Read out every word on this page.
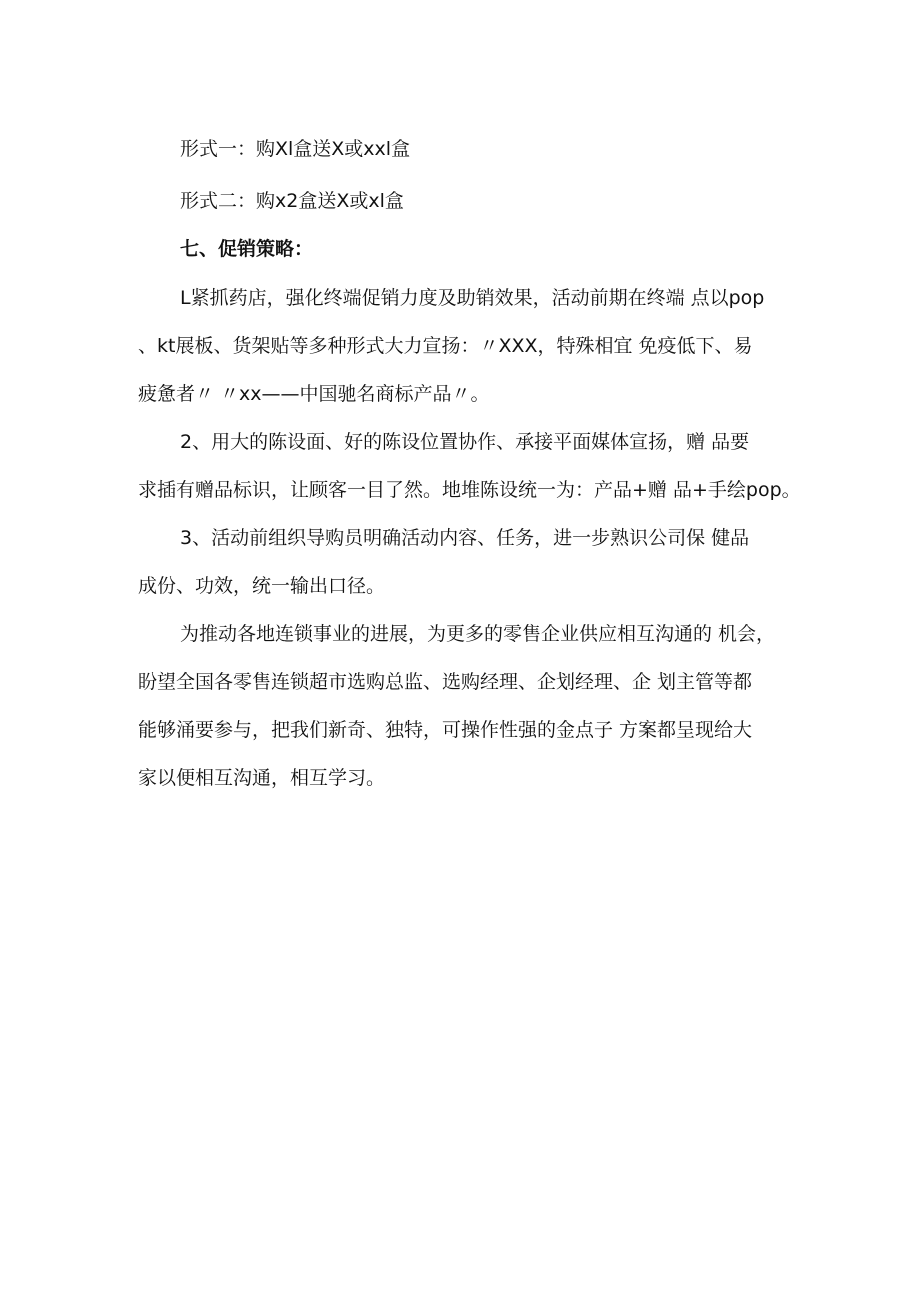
形式一：购Xl盒送X或xxl盒

形式二：购x2盒送X或xl盒

七、促销策略：

L紧抓药店，强化终端促销力度及助销效果，活动前期在终端 点以pop

、kt展板、货架贴等多种形式大力宣扬：〃XXX，特殊相宜 免疫低下、易

疲惫者〃 〃xx——中国驰名商标产品〃。

2、用大的陈设面、好的陈设位置协作、承接平面媒体宣扬，赠 品要

求插有赠品标识，让顾客一目了然。地堆陈设统一为：产品+赠 品+手绘pop。

3、活动前组织导购员明确活动内容、任务，进一步熟识公司保 健品

成份、功效，统一输出口径。

为推动各地连锁事业的进展，为更多的零售企业供应相互沟通的 机会，

盼望全国各零售连锁超市选购总监、选购经理、企划经理、企 划主管等都

能够涌要参与，把我们新奇、独特，可操作性强的金点子 方案都呈现给大

家以便相互沟通，相互学习。
